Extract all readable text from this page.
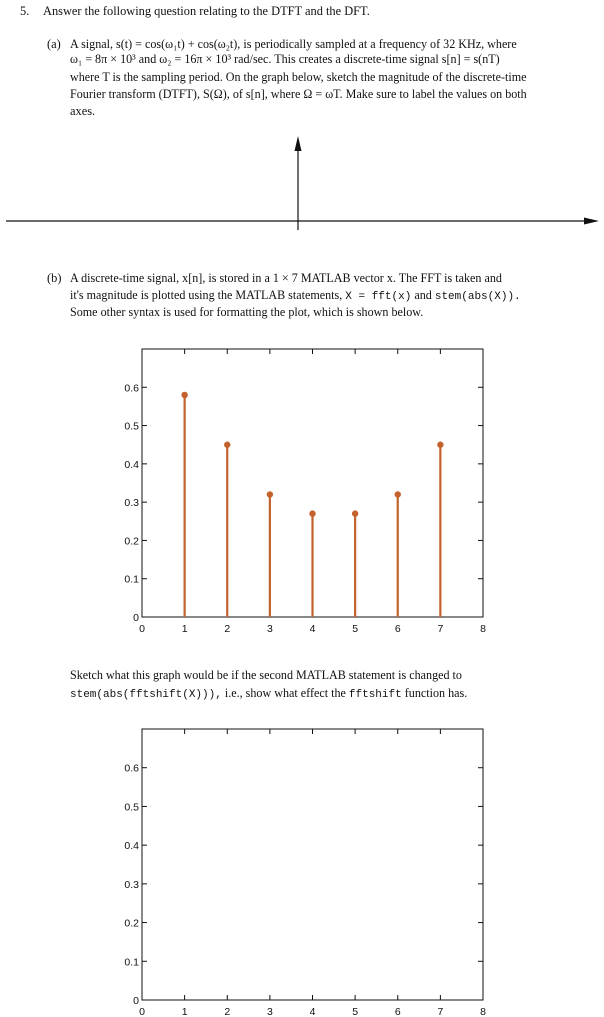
5. Answer the following question relating to the DTFT and the DFT.
(a) A signal, s(t) = cos(ω₁t) + cos(ω₂t), is periodically sampled at a frequency of 32 KHz, where
ω₁ = 8π × 10³ and ω₂ = 16π × 10³ rad/sec. This creates a discrete-time signal s[n] = s(nT)
where T is the sampling period. On the graph below, sketch the magnitude of the discrete-time
Fourier transform (DTFT), S(Ω), of s[n], where Ω = ωT. Make sure to label the values on both
axes.
(b) A discrete-time signal, x[n], is stored in a 1 × 7 MATLAB vector x. The FFT is taken and
it's magnitude is plotted using the MATLAB statements, X = fft(x) and stem(abs(X)).
Some other syntax is used for formatting the plot, which is shown below.
Sketch what this graph would be if the second MATLAB statement is changed to
stem(abs(fftshift(X))), i.e., show what effect the fftshift function has.
0
0.1
0.2
0.3
0.4
0.5
0.6
0	1	2	3	4	5	6	7	8
0
0.1
0.2
0.3
0.4
0.5
0.6
0	1	2	3	4	5	6	7	8
